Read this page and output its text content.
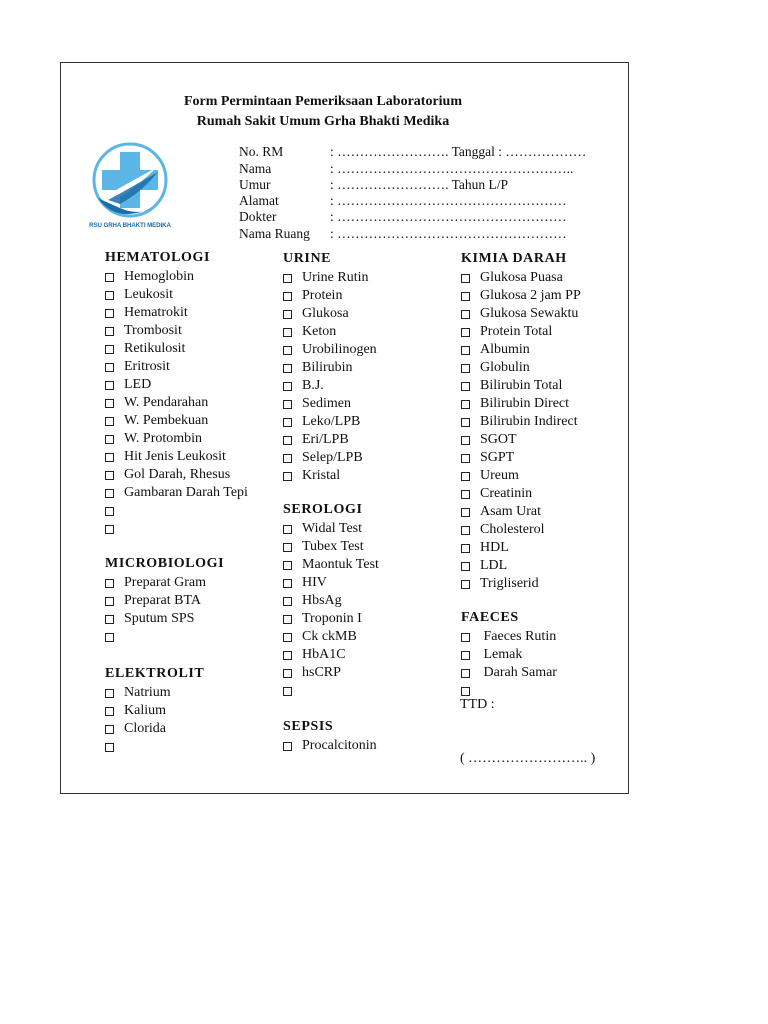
Form Permintaan Pemeriksaan Laboratorium
Rumah Sakit Umum Grha Bhakti Medika
RSU GRHA BHAKTI MEDIKA
No. RM	: ……………………. Tanggal : ………………
Nama	: ……………………………………………..
Umur	: ……………………. Tahun L/P
Alamat	: ……………………………………………
Dokter	: ……………………………………………
Nama Ruang : ……………………………………………
HEMATOLOGI
Hemoglobin
Leukosit
Hematrokit
Trombosit
Retikulosit
Eritrosit
LED
W. Pendarahan
W. Pembekuan
W. Protombin
Hit Jenis Leukosit
Gol Darah, Rhesus
Gambaran Darah Tepi
MICROBIOLOGI
Preparat Gram
Preparat BTA
Sputum SPS
ELEKTROLIT
Natrium
Kalium
Clorida
URINE
Urine Rutin
Protein
Glukosa
Keton
Urobilinogen
Bilirubin
B.J.
Sedimen
Leko/LPB
Eri/LPB
Selep/LPB
Kristal
SEROLOGI
Widal Test
Tubex Test
Maontuk Test
HIV
HbsAg
Troponin I
Ck ckMB
HbA1C
hsCRP
SEPSIS
Procalcitonin
KIMIA DARAH
Glukosa Puasa
Glukosa 2 jam PP
Glukosa Sewaktu
Protein Total
Albumin
Globulin
Bilirubin Total
Bilirubin Direct
Bilirubin Indirect
SGOT
SGPT
Ureum
Creatinin
Asam Urat
Cholesterol
HDL
LDL
Trigliserid
FAECES
Faeces Rutin
Lemak
Darah Samar
TTD :
( …………………….. )
